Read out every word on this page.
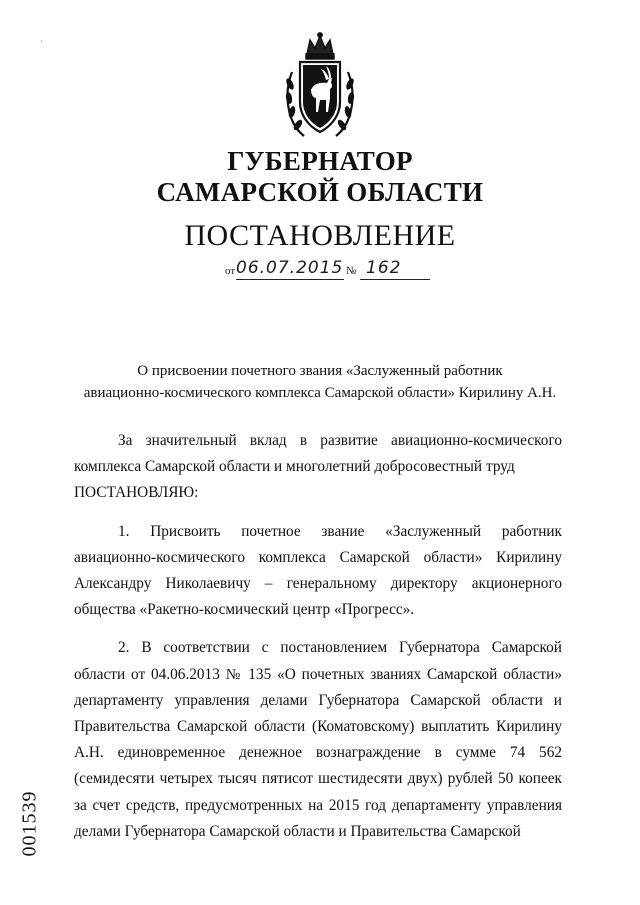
ГУБЕРНАТОР
САМАРСКОЙ ОБЛАСТИ
ПОСТАНОВЛЕНИЕ
от 06.07.2015 № 162
О присвоении почетного звания «Заслуженный работник
авиационно-космического комплекса Самарской области» Кирилину А.Н.

За значительный вклад в развитие авиационно-космического комплекса Самарской области и многолетний добросовестный труд

ПОСТАНОВЛЯЮ:

1. Присвоить почетное звание «Заслуженный работник авиационно-космического комплекса Самарской области» Кирилину Александру Николаевичу – генеральному директору акционерного общества «Ракетно-космический центр «Прогресс».

2. В соответствии с постановлением Губернатора Самарской области от 04.06.2013 № 135 «О почетных званиях Самарской области» департаменту управления делами Губернатора Самарской области и Правительства Самарской области (Коматовскому) выплатить Кирилину А.Н. единовременное денежное вознаграждение в сумме 74 562 (семидесяти четырех тысяч пятисот шестидесяти двух) рублей 50 копеек за счет средств, предусмотренных на 2015 год департаменту управления делами Губернатора Самарской области и Правительства Самарской

001539
·
